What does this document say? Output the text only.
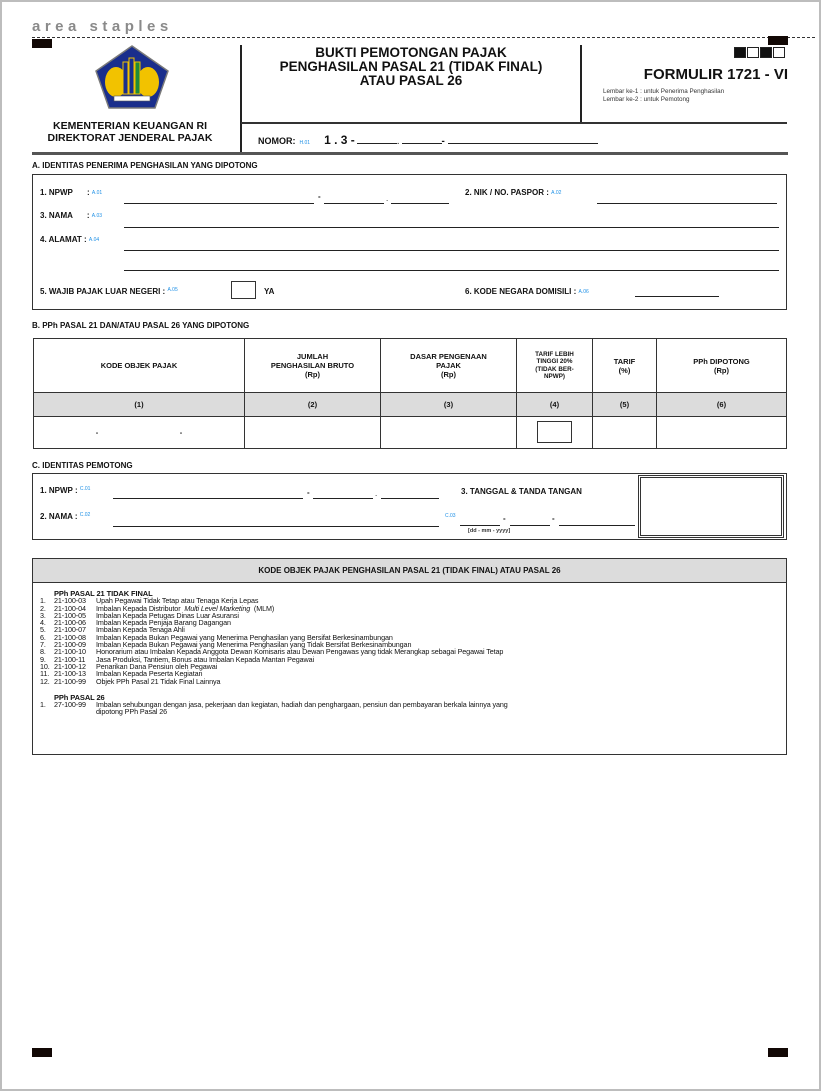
area staples
KEMENTERIAN KEUANGAN RI
DIREKTORAT JENDERAL PAJAK
BUKTI PEMOTONGAN PAJAK
PENGHASILAN PASAL 21 (TIDAK FINAL)
ATAU PASAL 26	FORMULIR 1721 - VI
Lembar ke-1 : untuk Penerima Penghasilan
Lembar ke-2 : untuk Pemotong
NOMOR: H.01 1 . 3 -	.	-
A. IDENTITAS PENERIMA PENGHASILAN YANG DIPOTONG
1. NPWP : A.01	-	.
2. NIK / NO. PASPOR : A.02
3. NAMA : A.03
4. ALAMAT : A.04
5. WAJIB PAJAK LUAR NEGERI : $^{A.05}$	YA	6. KODE NEGARA DOMISILI : A.06
B. PPh PASAL 21 DAN/ATAU PASAL 26 YANG DIPOTONG
KODE OBJEK PAJAK	
JUMLAH
PENGHASILAN BRUTO
(Rp)

DASAR PENGENAAN
PAJAK
(Rp)

TARIF LEBIH
TINGGI 20%
(TIDAK BER-
NPWP)

TARIF
(%)

PPh DIPOTONG
(Rp)

(1)	(2)	(3)	(4)	(5)	(6)
- -					
C. IDENTITAS PEMOTONG
1. NPWP : $^{C.01}$	-	.
2. NAMA : $^{C.02}$
3. TANGGAL & TANDA TANGAN
C.03	-	-
[dd - mm - yyyy]
KODE OBJEK PAJAK PENGHASILAN PASAL 21 (TIDAK FINAL) ATAU PASAL 26
PPh PASAL 21 TIDAK FINAL
1.	21-100-03	Upah Pegawai Tidak Tetap atau Tenaga Kerja Lepas
2.	21-100-04	Imbalan Kepada Distributor  Multi Level Marketing  (MLM)
3.	21-100-05	Imbalan Kepada Petugas Dinas Luar Asuransi
4.	21-100-06	Imbalan Kepada Penjaja Barang Dagangan
5.	21-100-07	Imbalan Kepada Tenaga Ahli
6.	21-100-08	Imbalan Kepada Bukan Pegawai yang Menerima Penghasilan yang Bersifat Berkesinambungan
7.	21-100-09	Imbalan Kepada Bukan Pegawai yang Menerima Penghasilan yang Tidak Bersifat Berkesinambungan
8.	21-100-10	Honorarium atau Imbalan Kepada Anggota Dewan Komisaris atau Dewan Pengawas yang tidak Merangkap sebagai Pegawai Tetap
9.	21-100-11	Jasa Produksi, Tantiem, Bonus atau Imbalan Kepada Mantan Pegawai
10. 21-100-12	Penarikan Dana Pensiun oleh Pegawai
11. 21-100-13	Imbalan Kepada Peserta Kegiatan
12. 21-100-99	Objek PPh Pasal 21 Tidak Final Lainnya
PPh PASAL 26
1.	27-100-99	Imbalan sehubungan dengan jasa, pekerjaan dan kegiatan, hadiah dan penghargaan, pensiun dan pembayaran berkala lainnya yang
dipotong PPh Pasal 26
